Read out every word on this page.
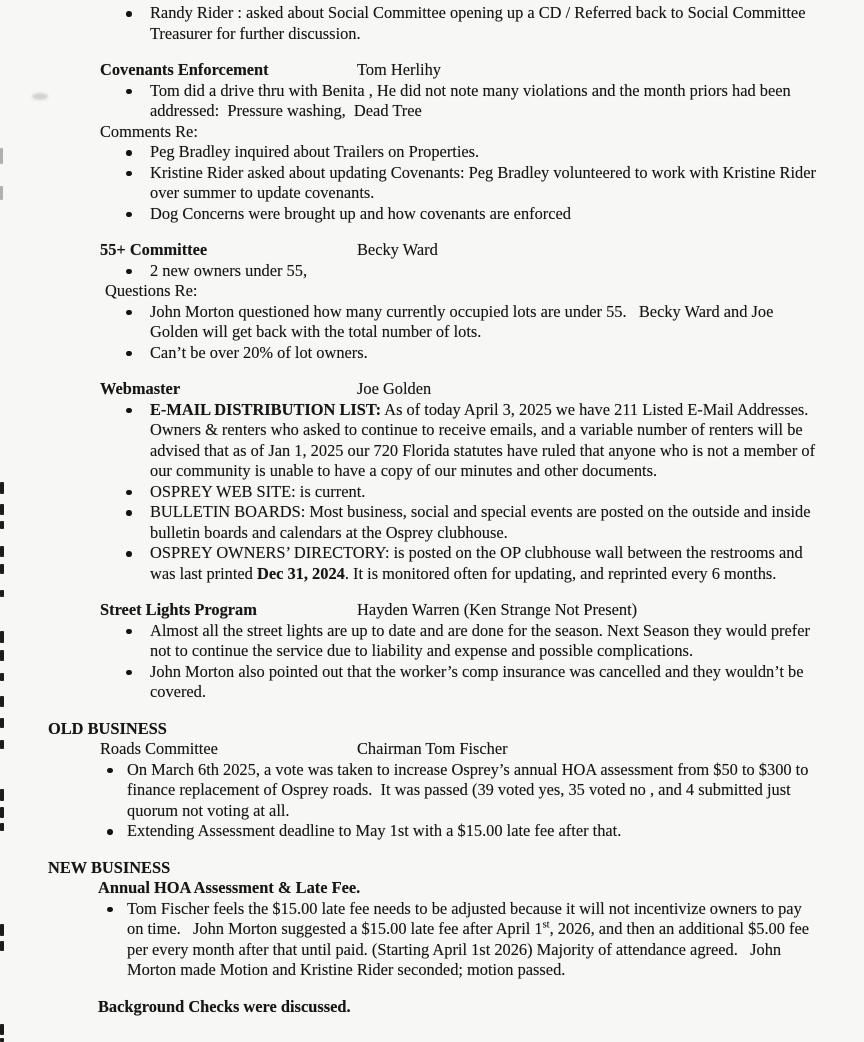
Randy Rider : asked about Social Committee opening up a CD / Referred back to Social Committee Treasurer for further discussion.
Covenants Enforcement	Tom Herlihy
Tom did a drive thru with Benita , He did not note many violations and the month priors had been addressed:  Pressure washing,  Dead Tree
Comments Re:
Peg Bradley inquired about Trailers on Properties.
Kristine Rider asked about updating Covenants: Peg Bradley volunteered to work with Kristine Rider over summer to update covenants.
Dog Concerns were brought up and how covenants are enforced
55+ Committee	Becky Ward
2 new owners under 55,
Questions Re:
John Morton questioned how many currently occupied lots are under 55.   Becky Ward and Joe Golden will get back with the total number of lots.
Can’t be over 20% of lot owners.
Webmaster	Joe Golden
E-MAIL DISTRIBUTION LIST: As of today April 3, 2025 we have 211 Listed E-Mail Addresses. Owners & renters who asked to continue to receive emails, and a variable number of renters will be advised that as of Jan 1, 2025 our 720 Florida statutes have ruled that anyone who is not a member of our community is unable to have a copy of our minutes and other documents.
OSPREY WEB SITE: is current.
BULLETIN BOARDS: Most business, social and special events are posted on the outside and inside bulletin boards and calendars at the Osprey clubhouse.
OSPREY OWNERS’ DIRECTORY: is posted on the OP clubhouse wall between the restrooms and was last printed Dec 31, 2024. It is monitored often for updating, and reprinted every 6 months.
Street Lights Program	Hayden Warren (Ken Strange Not Present)
Almost all the street lights are up to date and are done for the season. Next Season they would prefer not to continue the service due to liability and expense and possible complications.
John Morton also pointed out that the worker’s comp insurance was cancelled and they wouldn’t be covered.
OLD BUSINESS
Roads Committee	Chairman Tom Fischer
On March 6th 2025, a vote was taken to increase Osprey’s annual HOA assessment from $50 to $300 to finance replacement of Osprey roads.  It was passed (39 voted yes, 35 voted no , and 4 submitted just quorum not voting at all.
Extending Assessment deadline to May 1st with a $15.00 late fee after that.
NEW BUSINESS
Annual HOA Assessment & Late Fee.
Tom Fischer feels the $15.00 late fee needs to be adjusted because it will not incentivize owners to pay on time.   John Morton suggested a $15.00 late fee after April 1st, 2026, and then an additional $5.00 fee per every month after that until paid. (Starting April 1st 2026) Majority of attendance agreed.   John Morton made Motion and Kristine Rider seconded; motion passed.
Background Checks were discussed.
